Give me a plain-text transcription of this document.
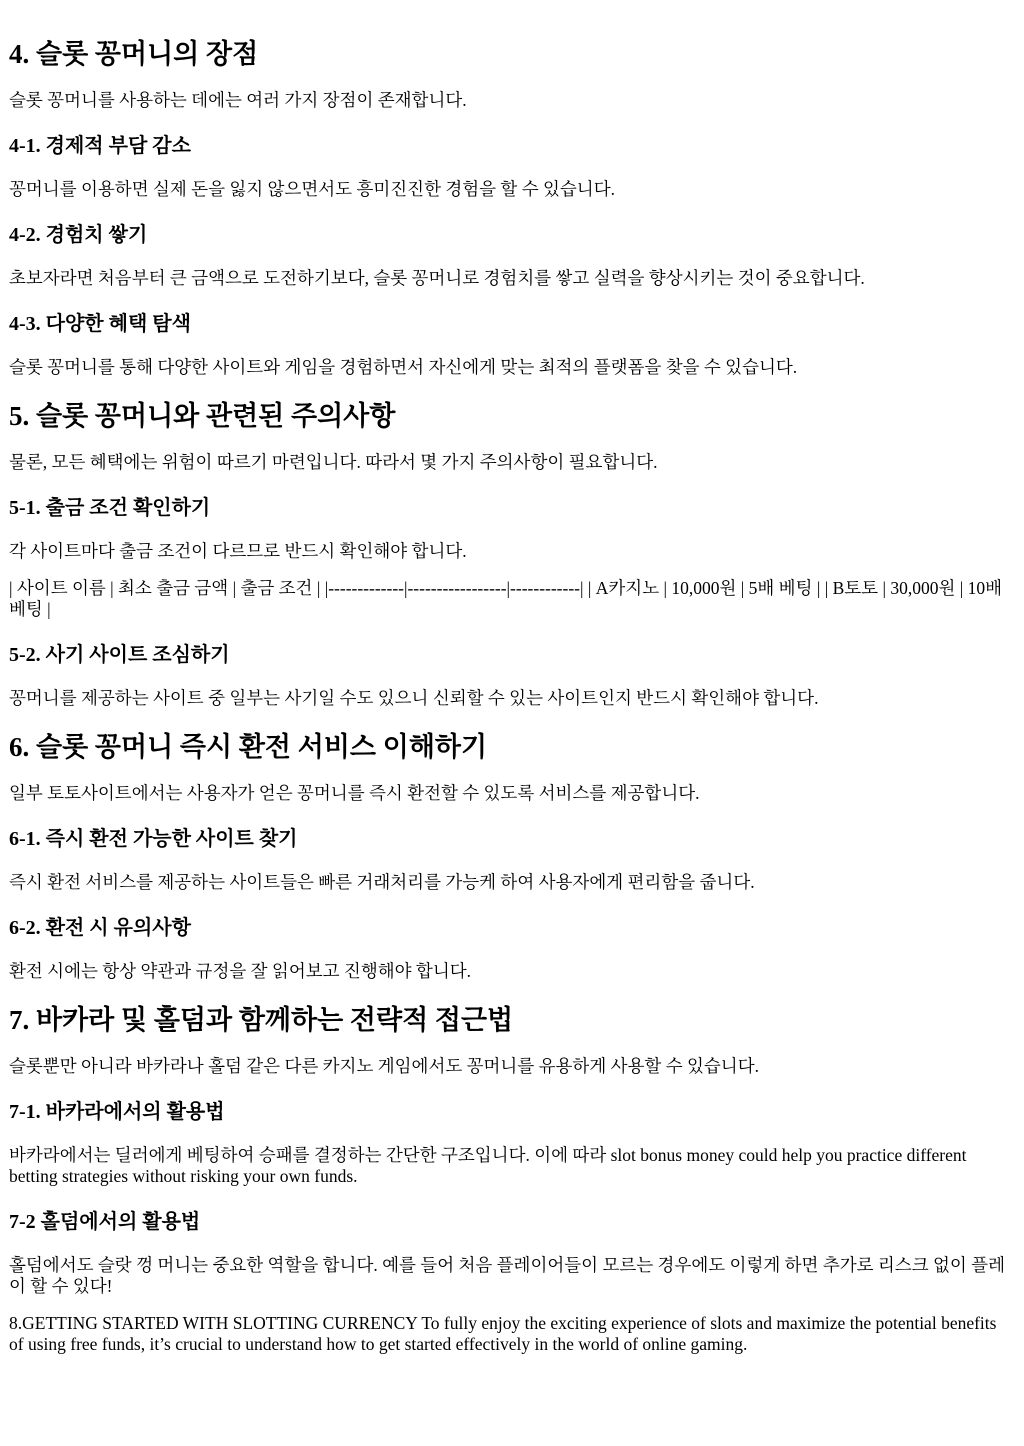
4. 슬롯 꽁머니의 장점

슬롯 꽁머니를 사용하는 데에는 여러 가지 장점이 존재합니다.

4-1. 경제적 부담 감소

꽁머니를 이용하면 실제 돈을 잃지 않으면서도 흥미진진한 경험을 할 수 있습니다.

4-2. 경험치 쌓기

초보자라면 처음부터 큰 금액으로 도전하기보다, 슬롯 꽁머니로 경험치를 쌓고 실력을 향상시키는 것이 중요합니다.

4-3. 다양한 혜택 탐색

슬롯 꽁머니를 통해 다양한 사이트와 게임을 경험하면서 자신에게 맞는 최적의 플랫폼을 찾을 수 있습니다.

5. 슬롯 꽁머니와 관련된 주의사항

물론, 모든 혜택에는 위험이 따르기 마련입니다. 따라서 몇 가지 주의사항이 필요합니다.

5-1. 출금 조건 확인하기

각 사이트마다 출금 조건이 다르므로 반드시 확인해야 합니다.

| 사이트 이름 | 최소 출금 금액 | 출금 조건 | |-------------|-----------------|------------| | A카지노 | 10,000원 | 5배 베팅 | | B토토 | 30,000원 | 10배 베팅 |

5-2. 사기 사이트 조심하기

꽁머니를 제공하는 사이트 중 일부는 사기일 수도 있으니 신뢰할 수 있는 사이트인지 반드시 확인해야 합니다.

6. 슬롯 꽁머니 즉시 환전 서비스 이해하기

일부 토토사이트에서는 사용자가 얻은 꽁머니를 즉시 환전할 수 있도록 서비스를 제공합니다.

6-1. 즉시 환전 가능한 사이트 찾기

즉시 환전 서비스를 제공하는 사이트들은 빠른 거래처리를 가능케 하여 사용자에게 편리함을 줍니다.

6-2. 환전 시 유의사항

환전 시에는 항상 약관과 규정을 잘 읽어보고 진행해야 합니다.

7. 바카라 및 홀덤과 함께하는 전략적 접근법

슬롯뿐만 아니라 바카라나 홀덤 같은 다른 카지노 게임에서도 꽁머니를 유용하게 사용할 수 있습니다.

7-1. 바카라에서의 활용법

바카라에서는 딜러에게 베팅하여 승패를 결정하는 간단한 구조입니다. 이에 따라 slot bonus money could help you practice different betting strategies without risking your own funds.

7-2 홀덤에서의 활용법

홀덤에서도 슬랏 껑 머니는 중요한 역할을 합니다. 예를 들어 처음 플레이어들이 모르는 경우에도 이렇게 하면 추가로 리스크 없이 플레이 할 수 있다!

8.GETTING STARTED WITH SLOTTING CURRENCY To fully enjoy the exciting experience of slots and maximize the potential benefits of using free funds, it’s crucial to understand how to get started effectively in the world of online gaming.
